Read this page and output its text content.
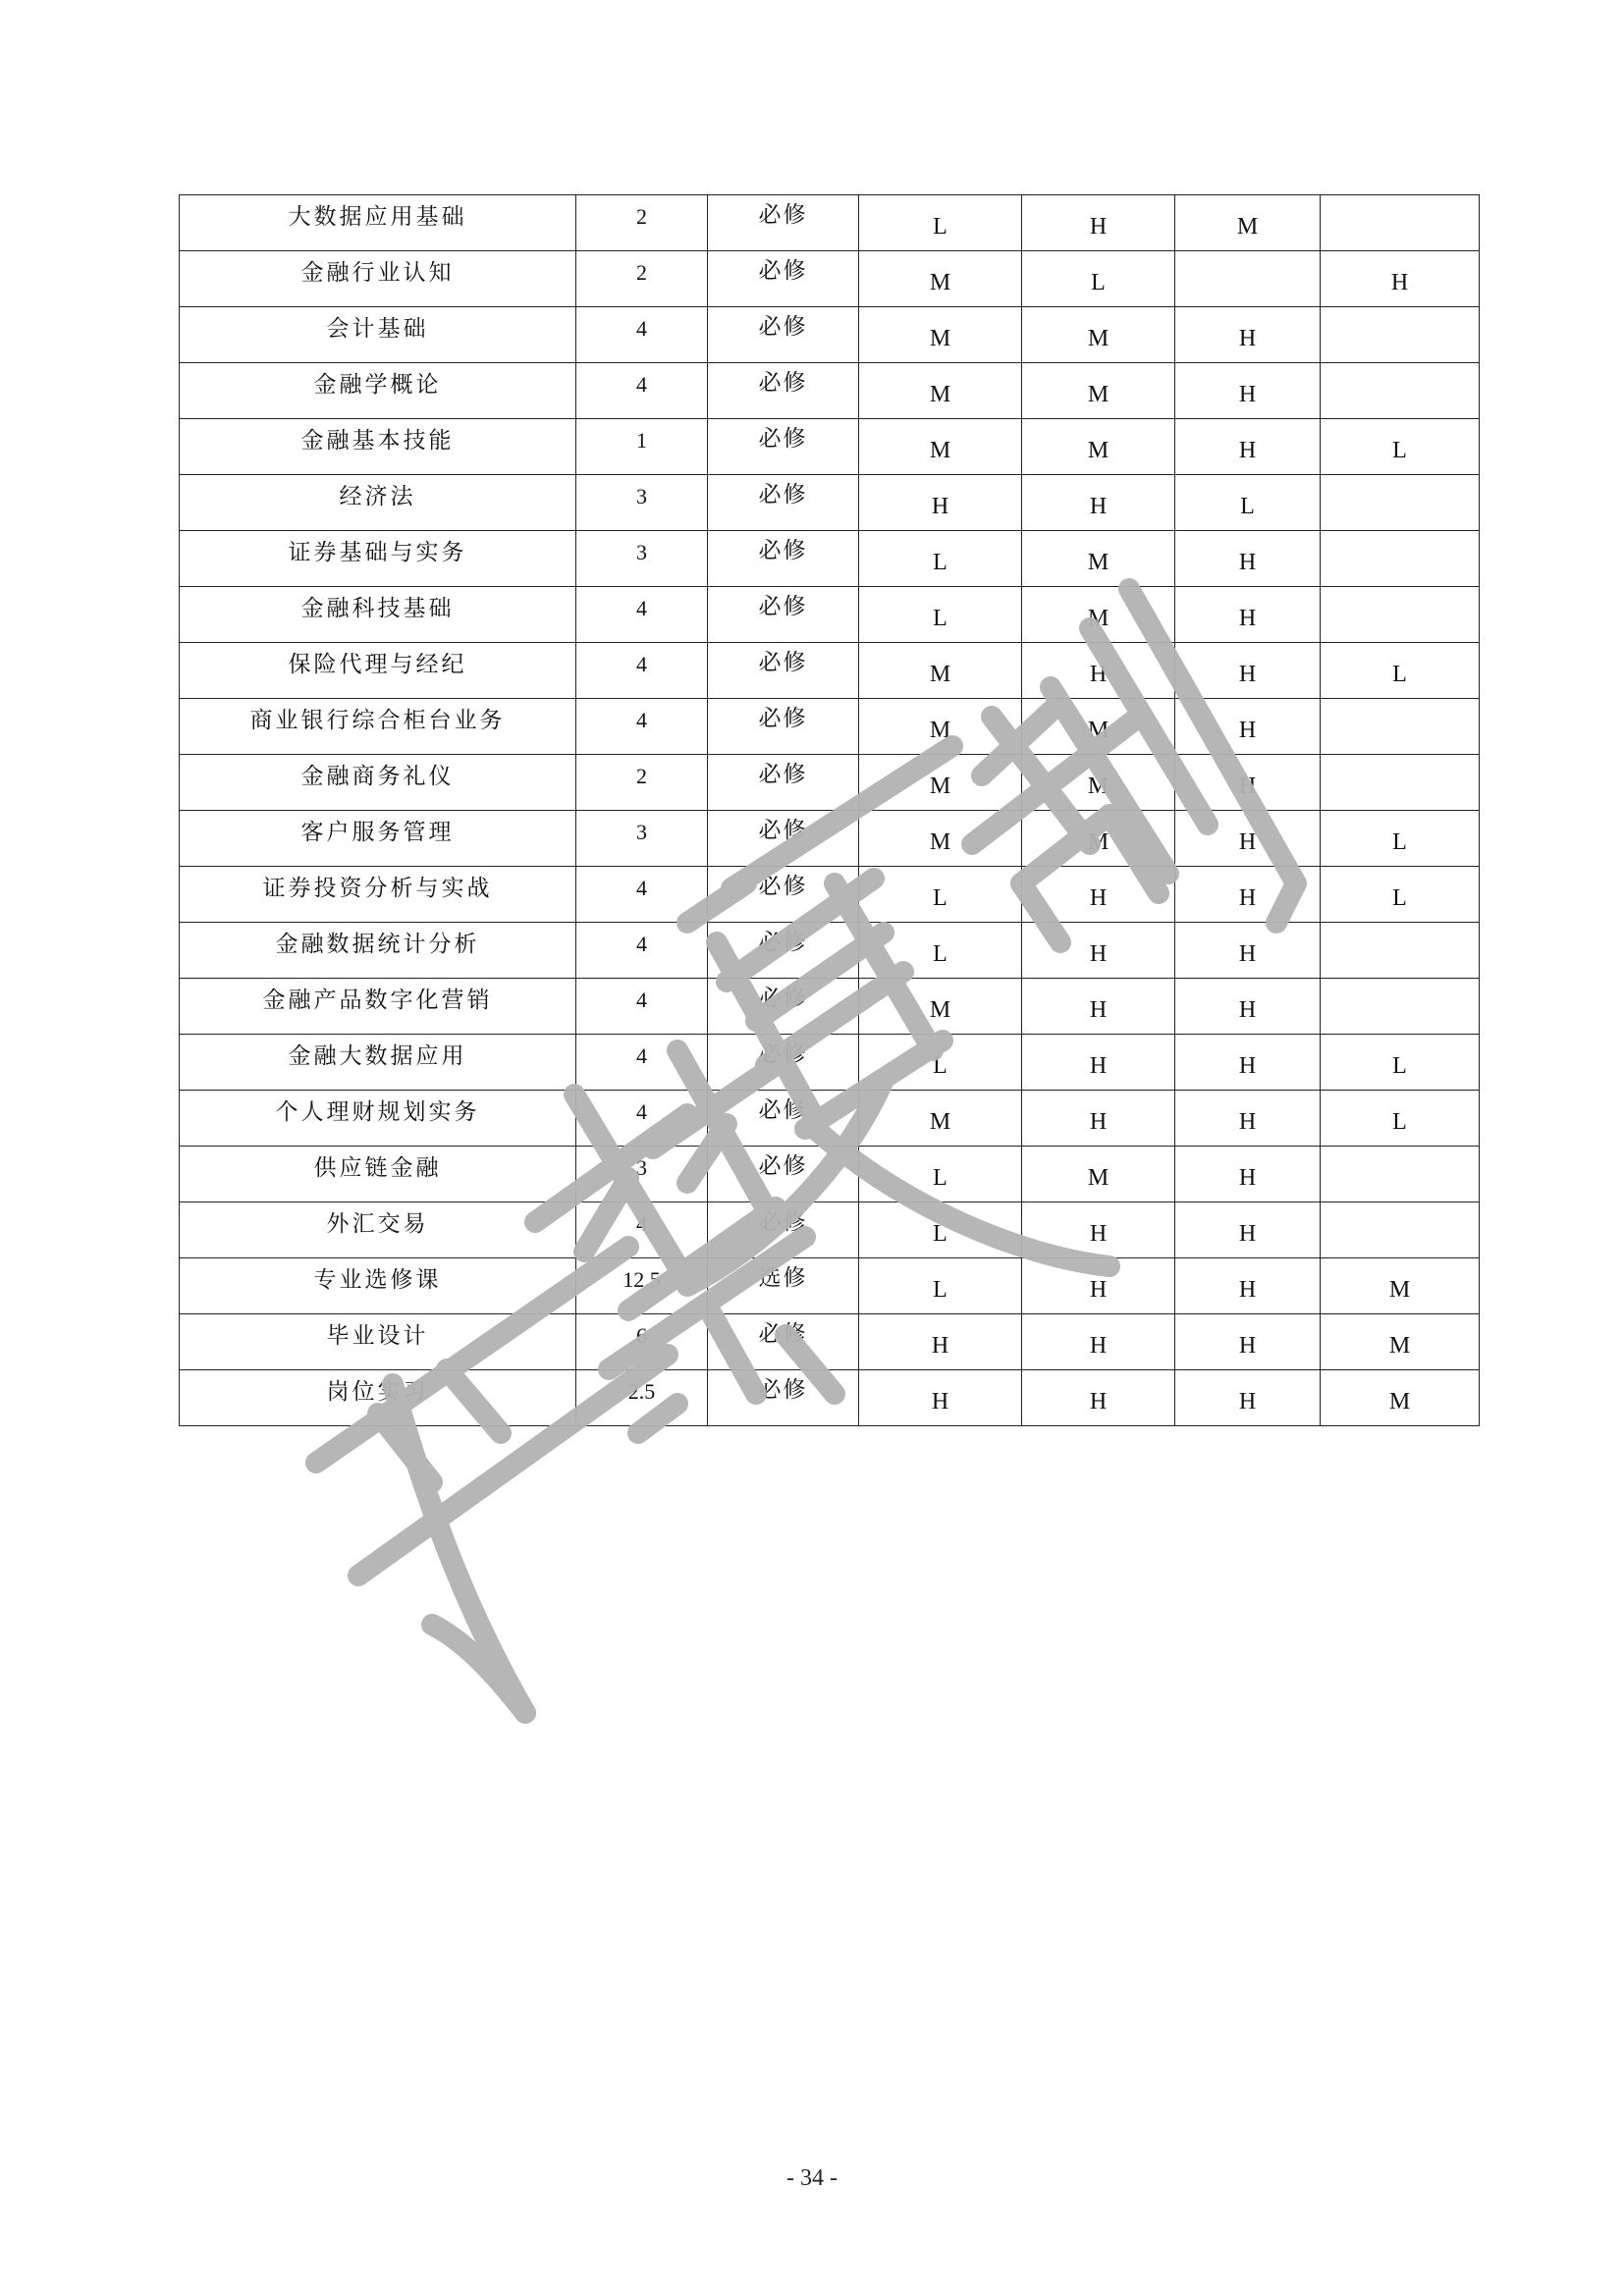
大数据应用基础	2	必修	L	H	M	
金融行业认知	2	必修	M	L		H
会计基础	4	必修	M	M	H	
金融学概论	4	必修	M	M	H	
金融基本技能	1	必修	M	M	H	L
经济法	3	必修	H	H	L	
证券基础与实务	3	必修	L	M	H	
金融科技基础	4	必修	L	M	H	
保险代理与经纪	4	必修	M	H	H	L
商业银行综合柜台业务	4	必修	M	M	H	
金融商务礼仪	2	必修	M	M	H	
客户服务管理	3	必修	M	M	H	L
证券投资分析与实战	4	必修	L	H	H	L
金融数据统计分析	4	必修	L	H	H	
金融产品数字化营销	4	必修	M	H	H	
金融大数据应用	4	必修	L	H	H	L
个人理财规划实务	4	必修	M	H	H	L
供应链金融	3	必修	L	M	H	
外汇交易	4	必修	L	H	H	
专业选修课	12.5	选修	L	H	H	M
毕业设计	6	必修	H	H	H	M
岗位实习	2.5	必修	H	H	H	M
- 34 -
